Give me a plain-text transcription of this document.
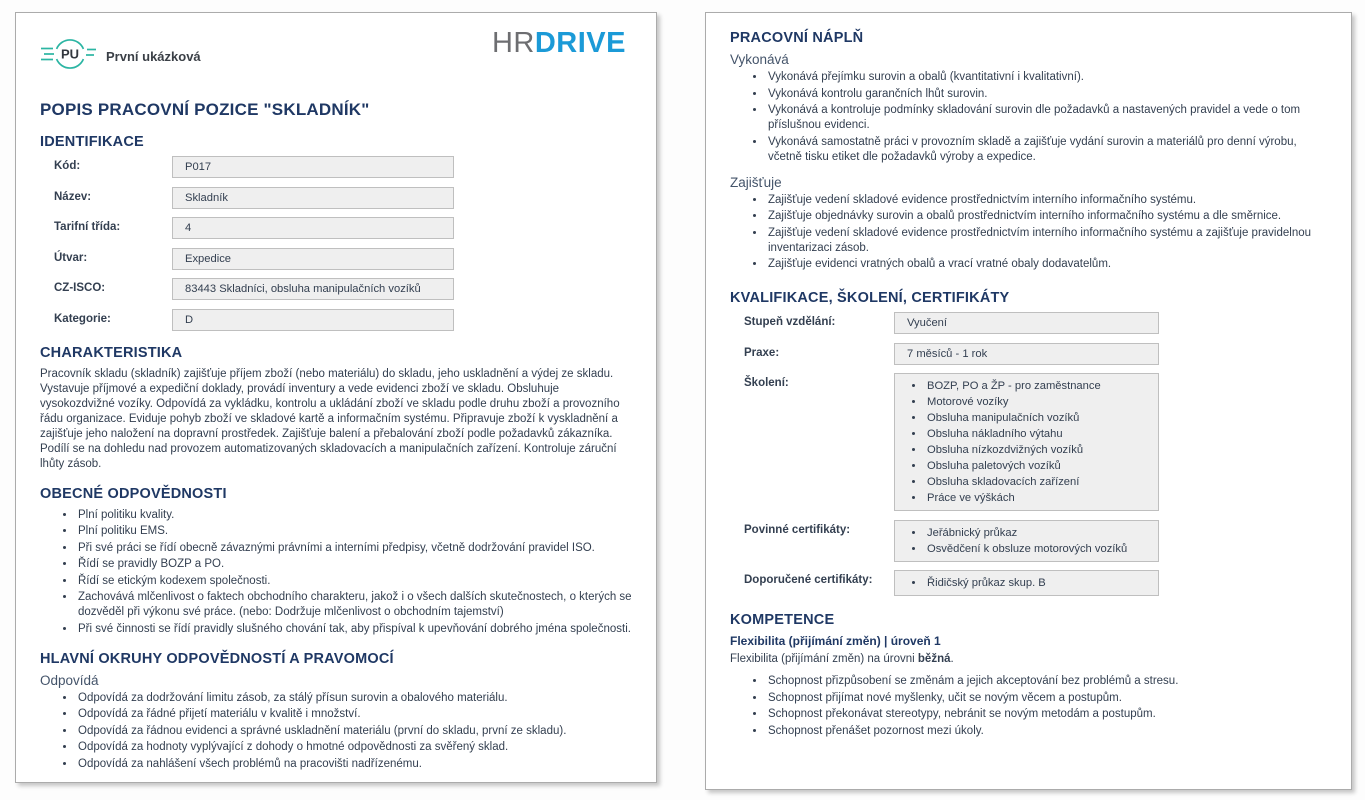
PU První ukázková	HRDRIVE
POPIS PRACOVNÍ POZICE "SKLADNÍK"
IDENTIFIKACE
Kód:	P017
Název:	Skladník
Tarifní třída:	4
Útvar:	Expedice
CZ-ISCO:	83443 Skladníci, obsluha manipulačních vozíků
Kategorie:	D
CHARAKTERISTIKA

Pracovník skladu (skladník) zajišťuje příjem zboží (nebo materiálu) do skladu, jeho uskladnění a výdej ze skladu. Vystavuje příjmové a expediční doklady, provádí inventury a vede evidenci zboží ve skladu. Obsluhuje vysokozdvižné vozíky. Odpovídá za vykládku, kontrolu a ukládání zboží ve skladu podle druhu zboží a provozního řádu organizace. Eviduje pohyb zboží ve skladové kartě a informačním systému. Připravuje zboží k vyskladnění a zajišťuje jeho naložení na dopravní prostředek. Zajišťuje balení a přebalování zboží podle požadavků zákazníka. Podílí se na dohledu nad provozem automatizovaných skladovacích a manipulačních zařízení. Kontroluje záruční lhůty zásob.

OBECNÉ ODPOVĚDNOSTI
• Plní politiku kvality.
• Plní politiku EMS.
• Při své práci se řídí obecně závaznými právními a interními předpisy, včetně dodržování pravidel ISO.
• Řídí se pravidly BOZP a PO.
• Řídí se etickým kodexem společnosti.
• Zachovává mlčenlivost o faktech obchodního charakteru, jakož i o všech dalších skutečnostech, o kterých se dozvěděl při výkonu své práce. (nebo: Dodržuje mlčenlivost o obchodním tajemství)
• Při své činnosti se řídí pravidly slušného chování tak, aby přispíval k upevňování dobrého jména společnosti.
HLAVNÍ OKRUHY ODPOVĚDNOSTÍ A PRAVOMOCÍ
Odpovídá
• Odpovídá za dodržování limitu zásob, za stálý přísun surovin a obalového materiálu.
• Odpovídá za řádné přijetí materiálu v kvalitě i množství.
• Odpovídá za řádnou evidenci a správné uskladnění materiálu (první do skladu, první ze skladu).
• Odpovídá za hodnoty vyplývající z dohody o hmotné odpovědnosti za svěřený sklad.
• Odpovídá za nahlášení všech problémů na pracovišti nadřízenému.
PRACOVNÍ NÁPLŇ
Vykonává
• Vykonává přejímku surovin a obalů (kvantitativní i kvalitativní).
• Vykonává kontrolu garančních lhůt surovin.
• Vykonává a kontroluje podmínky skladování surovin dle požadavků a nastavených pravidel a vede o tom příslušnou evidenci.
• Vykonává samostatně práci v provozním skladě a zajišťuje vydání surovin a materiálů pro denní výrobu, včetně tisku etiket dle požadavků výroby a expedice.
Zajišťuje
• Zajišťuje vedení skladové evidence prostřednictvím interního informačního systému.
• Zajišťuje objednávky surovin a obalů prostřednictvím interního informačního systému a dle směrnice.
• Zajišťuje vedení skladové evidence prostřednictvím interního informačního systému a zajišťuje pravidelnou inventarizaci zásob.
• Zajišťuje evidenci vratných obalů a vrací vratné obaly dodavatelům.
KVALIFIKACE, ŠKOLENÍ, CERTIFIKÁTY
Stupeň vzdělání:	Vyučení
Praxe:	7 měsíců - 1 rok
Školení:	• BOZP, PO a ŽP - pro zaměstnance
• Motorové vozíky
• Obsluha manipulačních vozíků
• Obsluha nákladního výtahu
• Obsluha nízkozdvižných vozíků
• Obsluha paletových vozíků
• Obsluha skladovacích zařízení
• Práce ve výškách
Povinné certifikáty:	• Jeřábnický průkaz
• Osvědčení k obsluze motorových vozíků
Doporučené certifikáty:	• Řidičský průkaz skup. B
KOMPETENCE
Flexibilita (přijímání změn) | úroveň 1

Flexibilita (přijímání změn) na úrovni běžná.

• Schopnost přizpůsobení se změnám a jejich akceptování bez problémů a stresu.
• Schopnost přijímat nové myšlenky, učit se novým věcem a postupům.
• Schopnost překonávat stereotypy, nebránit se novým metodám a postupům.
• Schopnost přenášet pozornost mezi úkoly.
